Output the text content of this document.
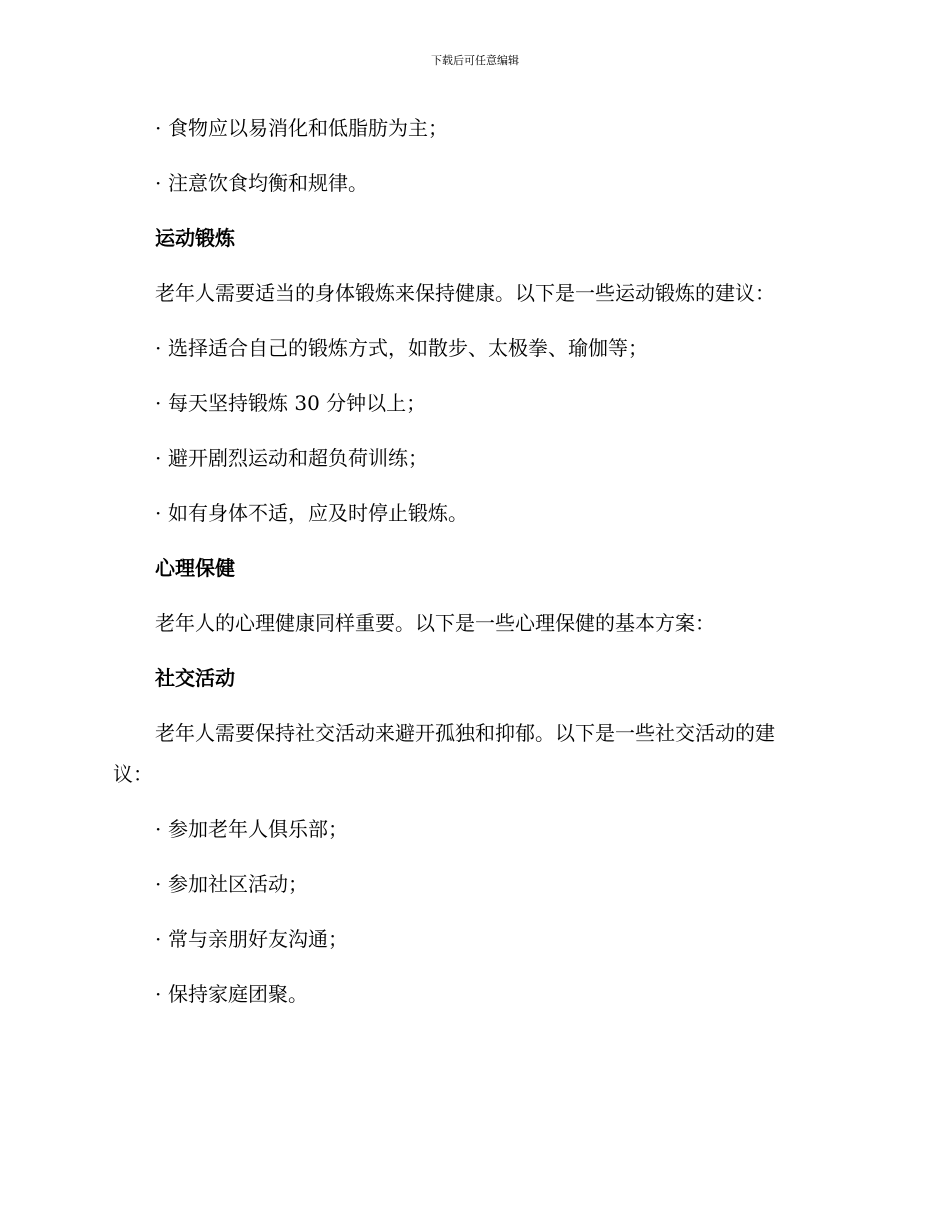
下载后可任意编辑
· 食物应以易消化和低脂肪为主；
· 注意饮食均衡和规律。
运动锻炼
老年人需要适当的身体锻炼来保持健康。以下是一些运动锻炼的建议：
· 选择适合自己的锻炼方式，如散步、太极拳、瑜伽等；
· 每天坚持锻炼 30 分钟以上；
· 避开剧烈运动和超负荷训练；
· 如有身体不适，应及时停止锻炼。
心理保健
老年人的心理健康同样重要。以下是一些心理保健的基本方案：
社交活动
老年人需要保持社交活动来避开孤独和抑郁。以下是一些社交活动的建
议：
· 参加老年人俱乐部；
· 参加社区活动；
· 常与亲朋好友沟通；
· 保持家庭团聚。
